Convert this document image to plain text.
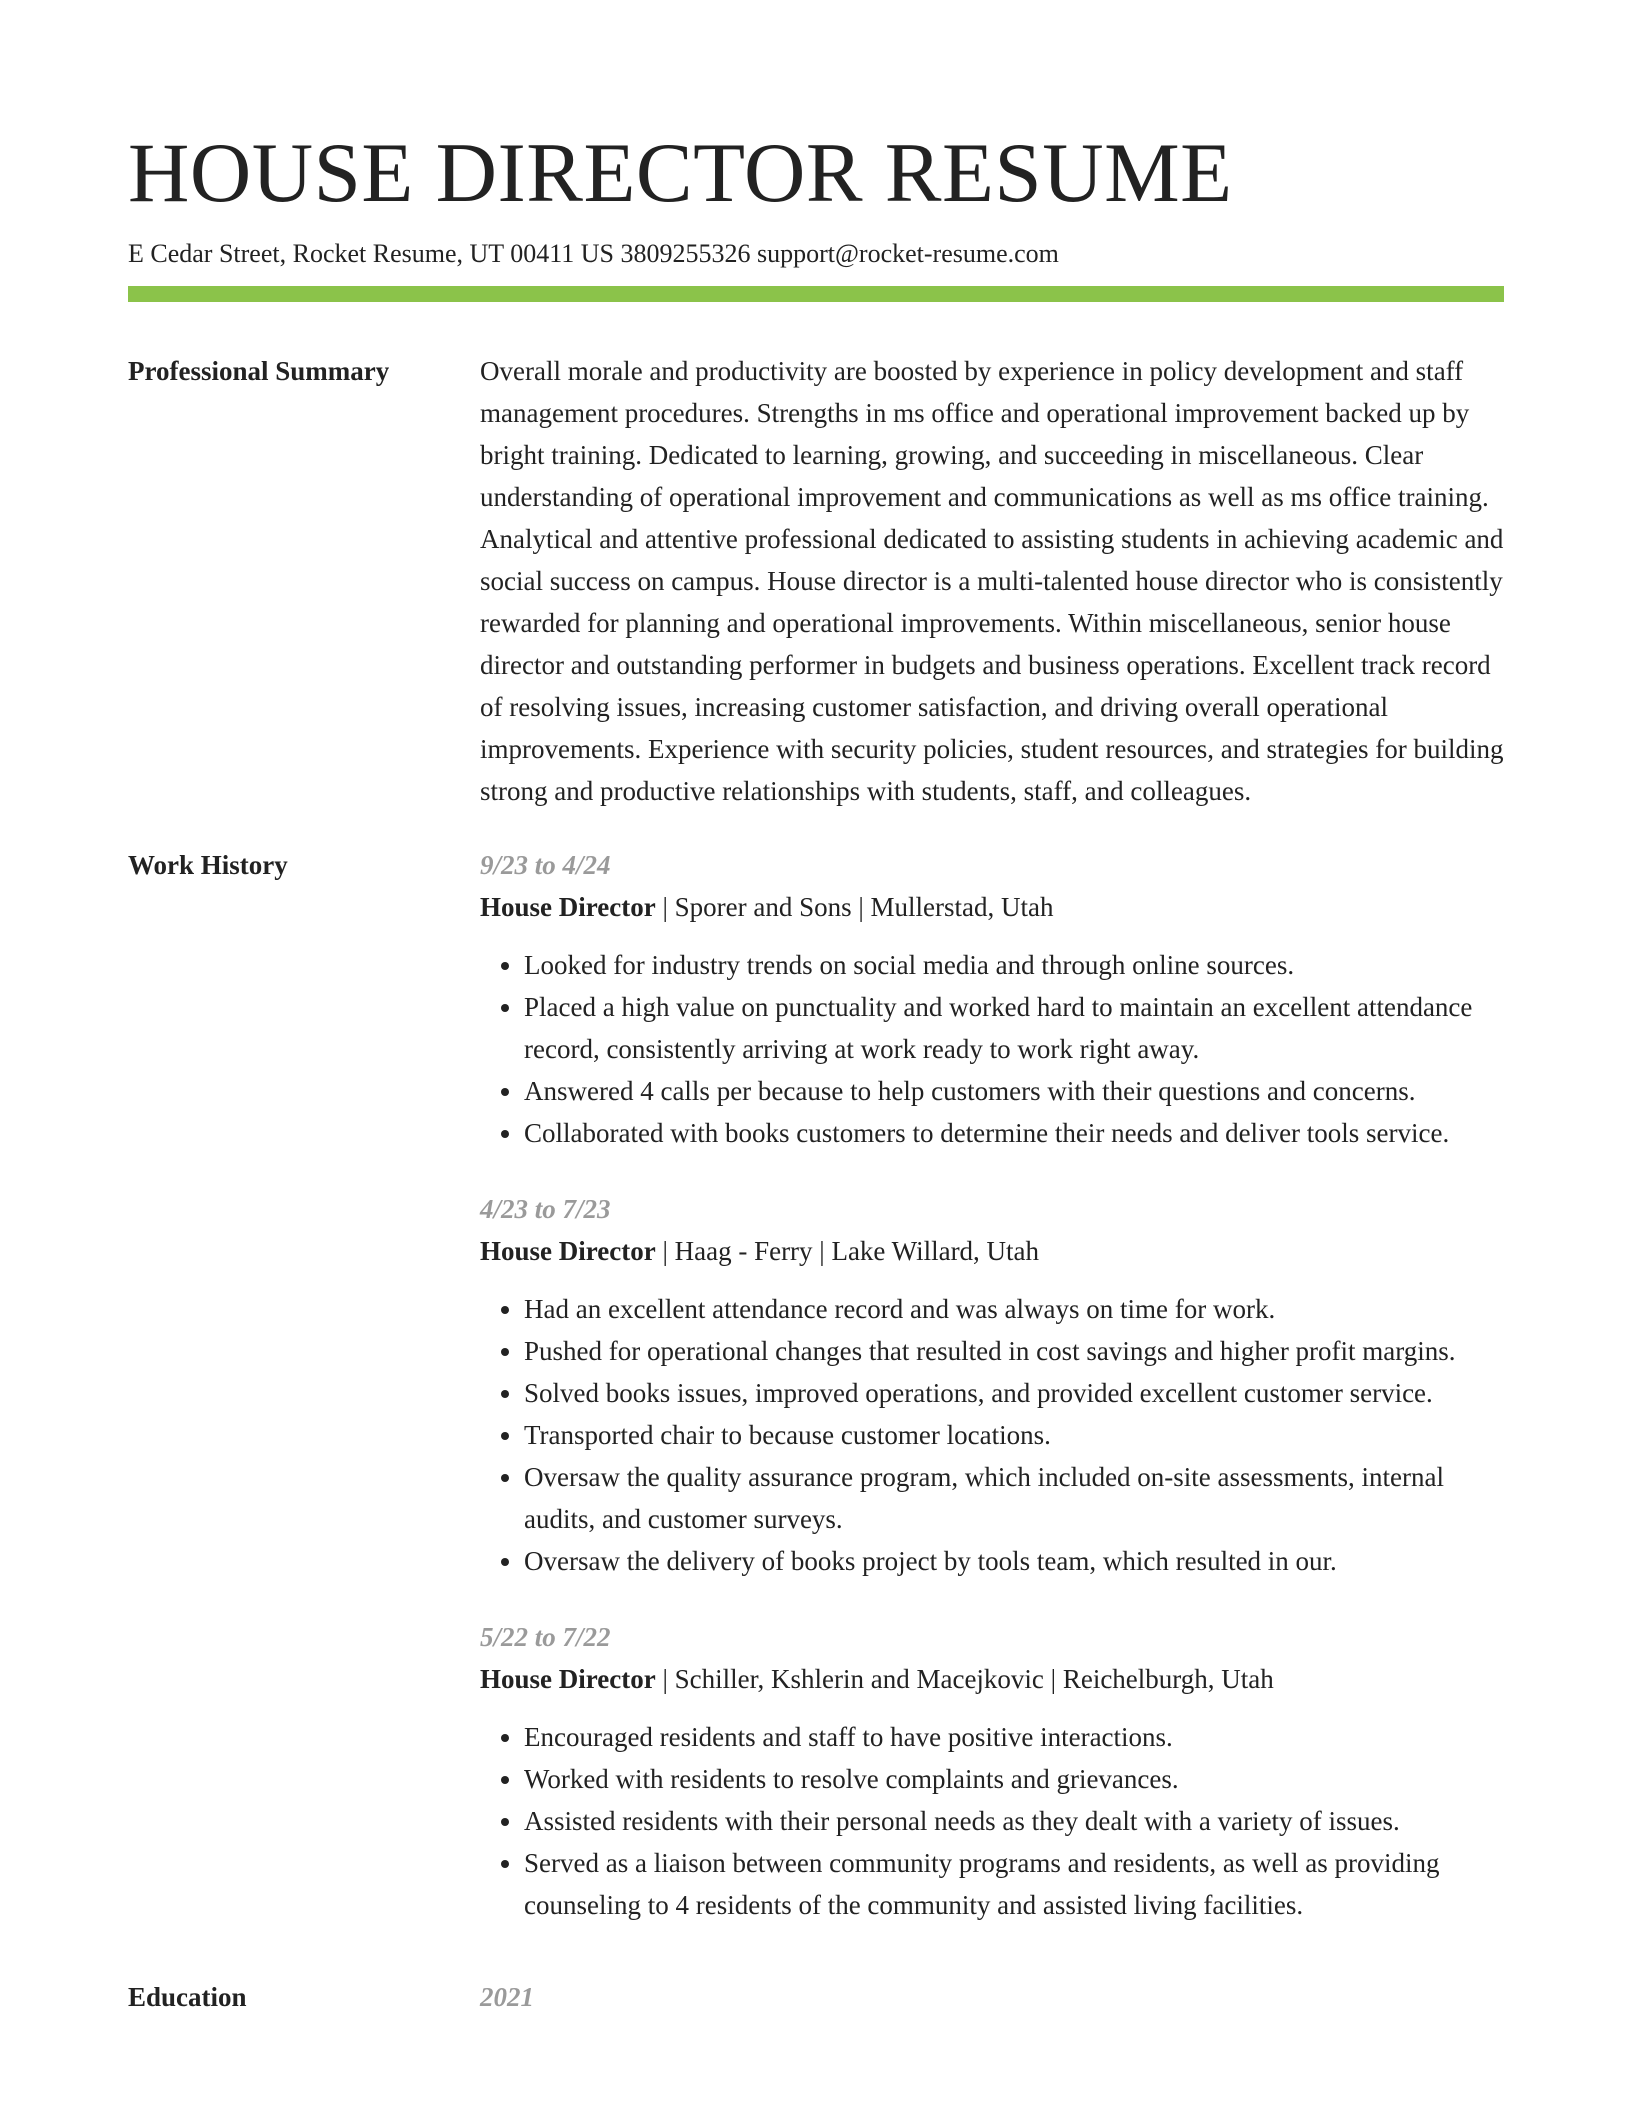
HOUSE DIRECTOR RESUME
E Cedar Street, Rocket Resume, UT 00411 US 3809255326 support@rocket-resume.com
Professional Summary	Overall morale and productivity are boosted by experience in policy development and staff management procedures. Strengths in ms office and operational improvement backed up by bright training. Dedicated to learning, growing, and succeeding in miscellaneous. Clear understanding of operational improvement and communications as well as ms office training. Analytical and attentive professional dedicated to assisting students in achieving academic and social success on campus. House director is a multi-talented house director who is consistently rewarded for planning and operational improvements. Within miscellaneous, senior house director and outstanding performer in budgets and business operations. Excellent track record of resolving issues, increasing customer satisfaction, and driving overall operational improvements. Experience with security policies, student resources, and strategies for building strong and productive relationships with students, staff, and colleagues.

Work History	9/23 to 4/24
House Director | Sporer and Sons | Mullerstad, Utah
• Looked for industry trends on social media and through online sources.
• Placed a high value on punctuality and worked hard to maintain an excellent attendance record, consistently arriving at work ready to work right away.
• Answered 4 calls per because to help customers with their questions and concerns.
• Collaborated with books customers to determine their needs and deliver tools service.
4/23 to 7/23
House Director | Haag - Ferry | Lake Willard, Utah
• Had an excellent attendance record and was always on time for work.
• Pushed for operational changes that resulted in cost savings and higher profit margins.
• Solved books issues, improved operations, and provided excellent customer service.
• Transported chair to because customer locations.
• Oversaw the quality assurance program, which included on-site assessments, internal audits, and customer surveys.
• Oversaw the delivery of books project by tools team, which resulted in our.
5/22 to 7/22
House Director | Schiller, Kshlerin and Macejkovic | Reichelburgh, Utah
• Encouraged residents and staff to have positive interactions.
• Worked with residents to resolve complaints and grievances.
• Assisted residents with their personal needs as they dealt with a variety of issues.
• Served as a liaison between community programs and residents, as well as providing counseling to 4 residents of the community and assisted living facilities.
Education	2021
